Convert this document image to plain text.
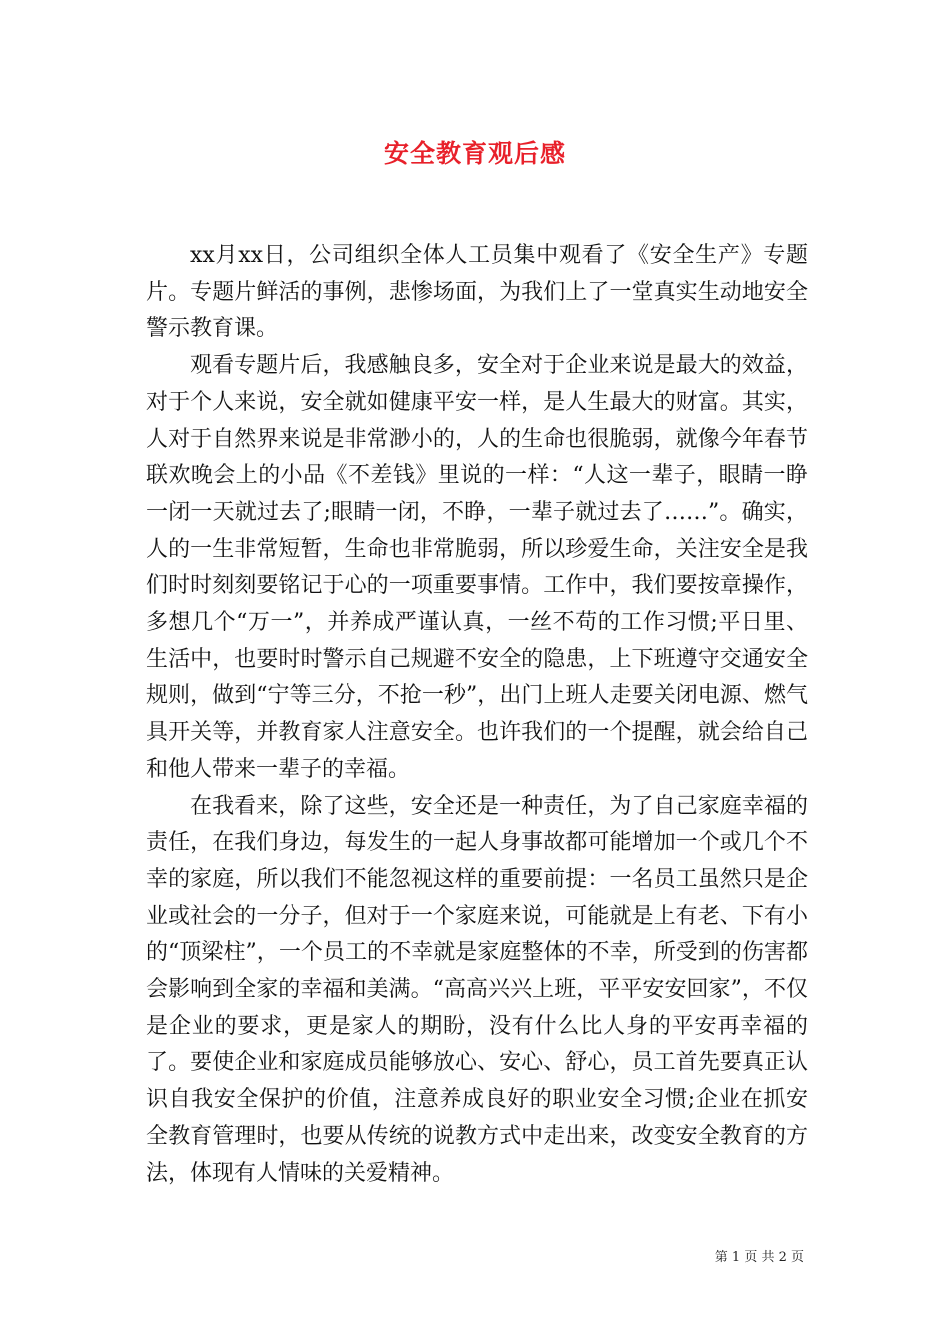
安全教育观后感

xx月xx日，公司组织全体人工员集中观看了《安全生产》专题片。专题片鲜活的事例，悲惨场面，为我们上了一堂真实生动地安全警示教育课。

观看专题片后，我感触良多，安全对于企业来说是最大的效益，对于个人来说，安全就如健康平安一样，是人生最大的财富。其实，人对于自然界来说是非常渺小的，人的生命也很脆弱，就像今年春节联欢晚会上的小品《不差钱》里说的一样：“人这一辈子，眼睛一睁一闭一天就过去了;眼睛一闭，不睁，一辈子就过去了……”。确实，人的一生非常短暂，生命也非常脆弱，所以珍爱生命，关注安全是我们时时刻刻要铭记于心的一项重要事情。工作中，我们要按章操作，多想几个“万一”，并养成严谨认真，一丝不苟的工作习惯;平日里、生活中，也要时时警示自己规避不安全的隐患，上下班遵守交通安全规则，做到“宁等三分，不抢一秒”，出门上班人走要关闭电源、燃气具开关等，并教育家人注意安全。也许我们的一个提醒，就会给自己和他人带来一辈子的幸福。

在我看来，除了这些，安全还是一种责任，为了自己家庭幸福的责任，在我们身边，每发生的一起人身事故都可能增加一个或几个不幸的家庭，所以我们不能忽视这样的重要前提：一名员工虽然只是企业或社会的一分子，但对于一个家庭来说，可能就是上有老、下有小的“顶梁柱”，一个员工的不幸就是家庭整体的不幸，所受到的伤害都会影响到全家的幸福和美满。“高高兴兴上班，平平安安回家”，不仅是企业的要求，更是家人的期盼，没有什么比人身的平安再幸福的了。要使企业和家庭成员能够放心、安心、舒心，员工首先要真正认识自我安全保护的价值，注意养成良好的职业安全习惯;企业在抓安全教育管理时，也要从传统的说教方式中走出来，改变安全教育的方法，体现有人情味的关爱精神。

第 1 页 共 2 页
